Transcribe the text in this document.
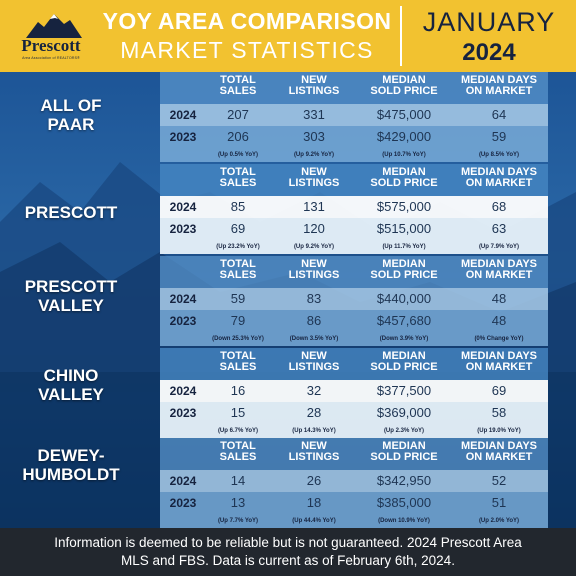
Prescott
Area Association of REALTORS®
YOY AREA COMPARISON
MARKET STATISTICS
JANUARY
2024
ALL OF
PAAR
TOTAL
SALES
NEW
LISTINGS
MEDIAN
SOLD PRICE
MEDIAN DAYS
ON MARKET
2024	207	331	$475,000	64
2023	206	303	$429,000	59
(Up 0.5% YoY)	(Up 9.2% YoY)	(Up 10.7% YoY)	(Up 8.5% YoY)
PRESCOTT
TOTAL
SALES
NEW
LISTINGS
MEDIAN
SOLD PRICE
MEDIAN DAYS
ON MARKET
2024	85	131	$575,000	68
2023	69	120	$515,000	63
(Up 23.2% YoY)	(Up 9.2% YoY)	(Up 11.7% YoY)	(Up 7.9% YoY)
PRESCOTT
VALLEY
TOTAL
SALES
NEW
LISTINGS
MEDIAN
SOLD PRICE
MEDIAN DAYS
ON MARKET
2024	59	83	$440,000	48
2023	79	86	$457,680	48
(Down 25.3% YoY)	(Down 3.5% YoY)	(Down 3.9% YoY)	(0% Change YoY)
CHINO
VALLEY
TOTAL
SALES
NEW
LISTINGS
MEDIAN
SOLD PRICE
MEDIAN DAYS
ON MARKET
2024	16	32	$377,500	69
2023	15	28	$369,000	58
(Up 6.7% YoY)	(Up 14.3% YoY)	(Up 2.3% YoY)	(Up 19.0% YoY)
DEWEY-
HUMBOLDT
TOTAL
SALES
NEW
LISTINGS
MEDIAN
SOLD PRICE
MEDIAN DAYS
ON MARKET
2024	14	26	$342,950	52
2023	13	18	$385,000	51
(Up 7.7% YoY)	(Up 44.4% YoY)	(Down 10.9% YoY)	(Up 2.0% YoY)
Information is deemed to be reliable but is not guaranteed. 2024 Prescott Area
MLS and FBS. Data is current as of February 6th, 2024.
